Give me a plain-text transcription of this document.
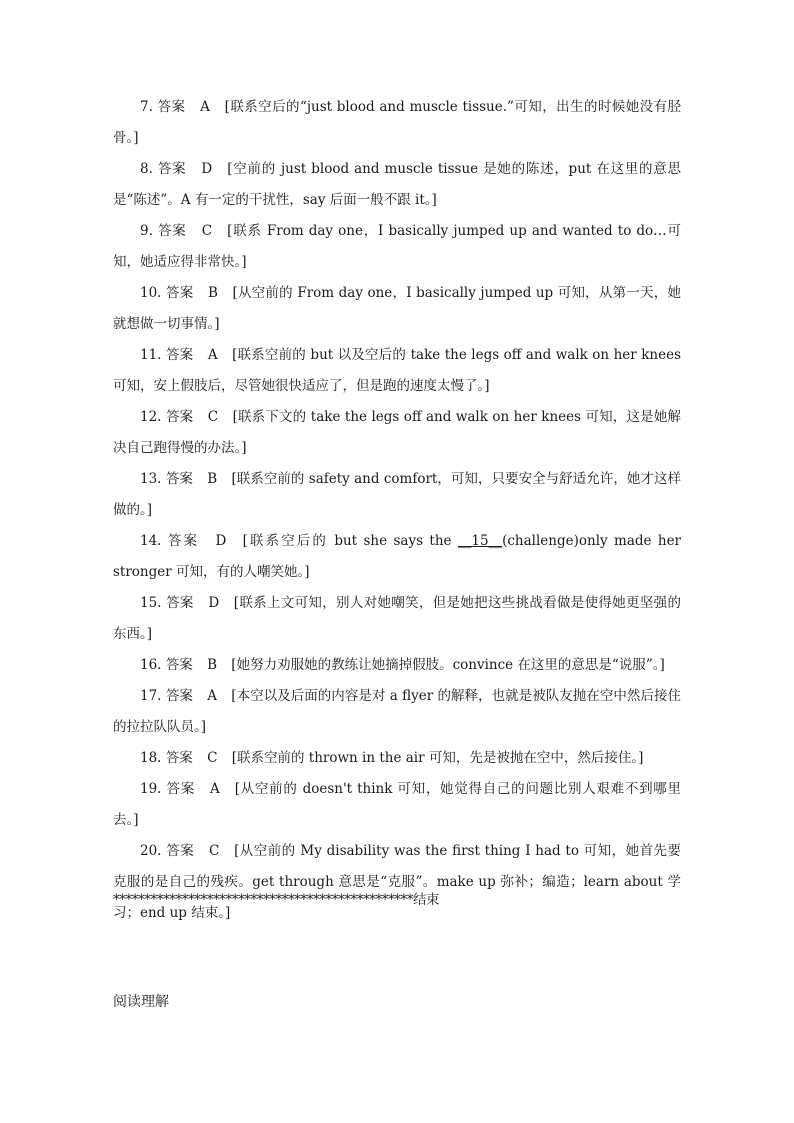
7. 答案 A [联系空后的“just blood and muscle tissue.”可知，出生的时候她没有胫骨。]

8. 答案 D [空前的 just blood and muscle tissue 是她的陈述，put 在这里的意思是“陈述”。A 有一定的干扰性，say 后面一般不跟 it。]

9. 答案 C [联系 From day one，I basically jumped up and wanted to do…可知，她适应得非常快。]

10. 答案 B [从空前的 From day one，I basically jumped up 可知，从第一天，她就想做一切事情。]

11. 答案 A [联系空前的 but 以及空后的 take the legs off and walk on her knees 可知，安上假肢后，尽管她很快适应了，但是跑的速度太慢了。]

12. 答案 C [联系下文的 take the legs off and walk on her knees 可知，这是她解决自己跑得慢的办法。]

13. 答案 B [联系空前的 safety and comfort，可知，只要安全与舒适允许，她才这样做的。]

14. 答案 D [联系空后的 but she says the __15__(challenge)only made her stronger 可知，有的人嘲笑她。]

15. 答案 D [联系上文可知，别人对她嘲笑，但是她把这些挑战看做是使得她更坚强的东西。]

16. 答案 B [她努力劝服她的教练让她摘掉假肢。convince 在这里的意思是“说服”。]

17. 答案 A [本空以及后面的内容是对 a flyer 的解释，也就是被队友抛在空中然后接住的拉拉队队员。]

18. 答案 C [联系空前的 thrown in the air 可知，先是被抛在空中，然后接住。]

19. 答案 A [从空前的 doesn't think 可知，她觉得自己的问题比别人艰难不到哪里去。]

20. 答案 C [从空前的 My disability was the first thing I had to 可知，她首先要克服的是自己的残疾。get through 意思是“克服”。make up 弥补；编造；learn about 学习；end up 结束。]

************************************************结束
阅读理解
